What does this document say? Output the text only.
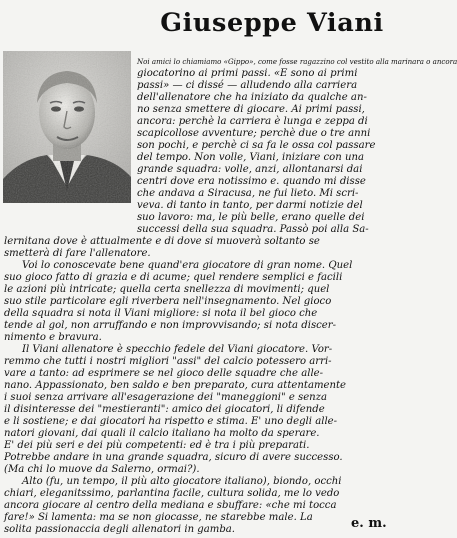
Giuseppe Viani
Noi amici lo chiamiamo «Gippo», come fosse ragazzino col vestito alla marinara o ancora
giocatorino ai primi passi. «E sono ai primi
passi» — ci dissé — alludendo alla carriera
dell'allenatore che ha iniziato da qualche an-
no senza smettere di giocare. Ai primi passi,
ancora: perchè la carriera è lunga e zeppa di
scapicollose avventure; perchè due o tre anni
son pochi, e perchè ci sa fa le ossa col passare
del tempo. Non volle, Viani, iniziare con una
grande squadra: volle, anzi, allontanarsi dai
centri dove era notissimo e. quando mi disse
che andava a Siracusa, ne fui lieto. Mi scri-
veva. di tanto in tanto, per darmi notizie del
suo lavoro: ma, le più belle, erano quelle dei
successi della sua squadra. Passò poi alla Sa-
lernitana dove è attualmente e di dove si muoverà soltanto se
smetterà di fare l'allenatore.
Voi lo conoscevate bene quand'era giocatore di gran nome. Quel
suo gioco fatto di grazia e di acume; quel rendere semplici e facili
le azioni più intricate; quella certa snellezza di movimenti; quel
suo stile particolare egli riverbera nell'insegnamento. Nel gioco
della squadra si nota il Viani migliore: si nota il bel gioco che
tende al gol, non arruffando e non improvvisando; si nota discer-
nimento e bravura.
Il Viani allenatore è specchio fedele del Viani giocatore. Vor-
remmo che tutti i nostri migliori "assi" del calcio potessero arri-
vare a tanto: ad esprimere se nel gioco delle squadre che alle-
nano. Appassionato, ben saldo e ben preparato, cura attentamente
i suoi senza arrivare all'esagerazione dei "maneggioni" e senza
il disinteresse dei "mestieranti": amico dei giocatori, li difende
e li sostiene; e dai giocatori ha rispetto e stima. E' uno degli alle-
natori giovani, dai quali il calcio italiano ha molto da sperare.
E' dei più seri e dei più competenti: ed è tra i più preparati.
Potrebbe andare in una grande squadra, sicuro di avere successo.
(Ma chi lo muove da Salerno, ormai?).
Alto (fu, un tempo, il più alto giocatore italiano), biondo, occhi
chiari, eleganitssimo, parlantina facile, cultura solida, me lo vedo
ancora giocare al centro della mediana e sbuffare: «che mi tocca
fare!» Si lamenta: ma se non giocasse, ne starebbe male. La
solita passionaccia degli allenatori in gamba.	e. m.
